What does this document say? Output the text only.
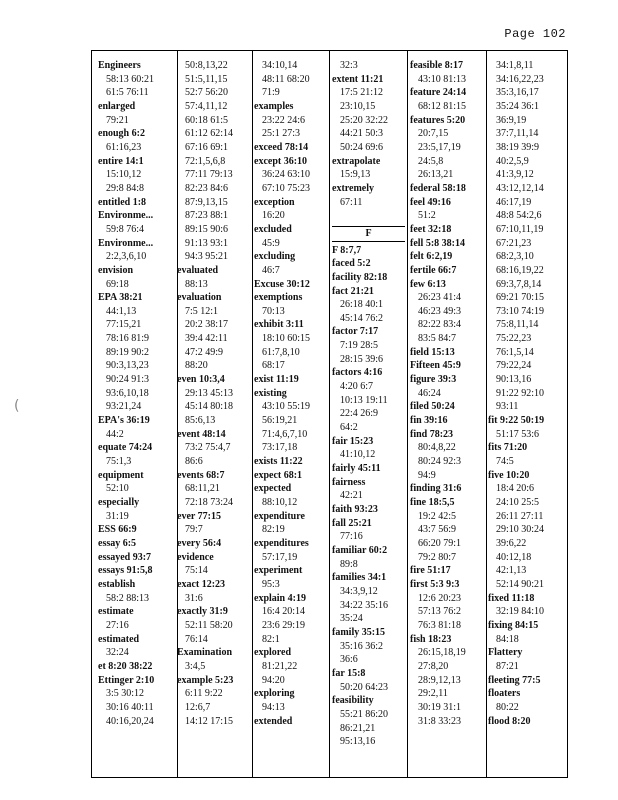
Page 102
(
Engineers
58:13 60:21
61:5 76:11
enlarged
79:21
enough 6:2
61:16,23
entire 14:1
15:10,12
29:8 84:8
entitled 1:8
Environme...
59:8 76:4
Environme...
2:2,3,6,10
envision
69:18
EPA 38:21
44:1,13
77:15,21
78:16 81:9
89:19 90:2
90:3,13,23
90:24 91:3
93:6,10,18
93:21,24
EPA's 36:19
44:2
equate 74:24
75:1,3
equipment
52:10
especially
31:19
ESS 66:9
essay 6:5
essayed 93:7
essays 91:5,8
establish
58:2 88:13
estimate
27:16
estimated
32:24
et 8:20 38:22
Ettinger 2:10
3:5 30:12
30:16 40:11
40:16,20,24
50:8,13,22
51:5,11,15
52:7 56:20
57:4,11,12
60:18 61:5
61:12 62:14
67:16 69:1
72:1,5,6,8
77:11 79:13
82:23 84:6
87:9,13,15
87:23 88:1
89:15 90:6
91:13 93:1
94:3 95:21
evaluated
88:13
evaluation
7:5 12:1
20:2 38:17
39:4 42:11
47:2 49:9
88:20
even 10:3,4
29:13 45:13
45:14 80:18
85:6,13
event 48:14
73:2 75:4,7
86:6
events 68:7
68:11,21
72:18 73:24
ever 77:15
79:7
every 56:4
evidence
75:14
exact 12:23
31:6
exactly 31:9
52:11 58:20
76:14
Examination
3:4,5
example 5:23
6:11 9:22
12:6,7
14:12 17:15
34:10,14
48:11 68:20
71:9
examples
23:22 24:6
25:1 27:3
exceed 78:14
except 36:10
36:24 63:10
67:10 75:23
exception
16:20
excluded
45:9
excluding
46:7
Excuse 30:12
exemptions
70:13
exhibit 3:11
18:10 60:15
61:7,8,10
68:17
exist 11:19
existing
43:10 55:19
56:19,21
71:4,6,7,10
73:17,18
exists 11:22
expect 68:1
expected
88:10,12
expenditure
82:19
expenditures
57:17,19
experiment
95:3
explain 4:19
16:4 20:14
23:6 29:19
82:1
explored
81:21,22
94:20
exploring
94:13
extended
32:3
extent 11:21
17:5 21:12
23:10,15
25:20 32:22
44:21 50:3
50:24 69:6
extrapolate
15:9,13
extremely
67:11

F
F 8:7,7
faced 5:2
facility 82:18
fact 21:21
26:18 40:1
45:14 76:2
factor 7:17
7:19 28:5
28:15 39:6
factors 4:16
4:20 6:7
10:13 19:11
22:4 26:9
64:2
fair 15:23
41:10,12
fairly 45:11
fairness
42:21
faith 93:23
fall 25:21
77:16
familiar 60:2
89:8
families 34:1
34:3,9,12
34:22 35:16
35:24
family 35:15
35:16 36:2
36:6
far 15:8
50:20 64:23
feasibility
55:21 86:20
86:21,21
95:13,16
feasible 8:17
43:10 81:13
feature 24:14
68:12 81:15
features 5:20
20:7,15
23:5,17,19
24:5,8
26:13,21
federal 58:18
feel 49:16
51:2
feet 32:18
fell 5:8 38:14
felt 6:2,19
fertile 66:7
few 6:13
26:23 41:4
46:23 49:3
82:22 83:4
83:5 84:7
field 15:13
Fifteen 45:9
figure 39:3
46:24
filed 50:24
fin 39:16
find 78:23
80:4,8,22
80:24 92:3
94:9
finding 31:6
fine 18:5,5
19:2 42:5
43:7 56:9
66:20 79:1
79:2 80:7
fire 51:17
first 5:3 9:3
12:6 20:23
57:13 76:2
76:3 81:18
fish 18:23
26:15,18,19
27:8,20
28:9,12,13
29:2,11
30:19 31:1
31:8 33:23
34:1,8,11
34:16,22,23
35:3,16,17
35:24 36:1
36:9,19
37:7,11,14
38:19 39:9
40:2,5,9
41:3,9,12
43:12,12,14
46:17,19
48:8 54:2,6
67:10,11,19
67:21,23
68:2,3,10
68:16,19,22
69:3,7,8,14
69:21 70:15
73:10 74:19
75:8,11,14
75:22,23
76:1,5,14
79:22,24
90:13,16
91:22 92:10
93:11
fit 9:22 50:19
51:17 53:6
fits 71:20
74:5
five 10:20
18:4 20:6
24:10 25:5
26:11 27:11
29:10 30:24
39:6,22
40:12,18
42:1,13
52:14 90:21
fixed 11:18
32:19 84:10
fixing 84:15
84:18
Flattery
87:21
fleeting 77:5
floaters
80:22
flood 8:20
